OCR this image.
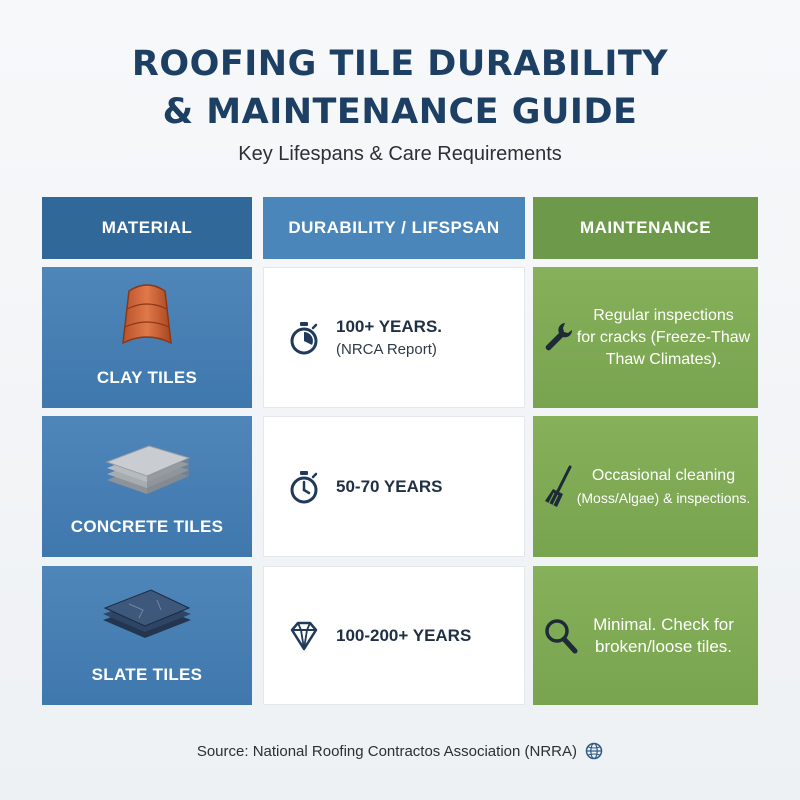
ROOFING TILE DURABILITY
& MAINTENANCE GUIDE
Key Lifespans & Care Requirements
MATERIAL	DURABILITY / LIFSPSAN	MAINTENANCE
CLAY TILES
100+ YEARS.
(NRCA Report)
Regular inspections
for cracks (Freeze-Thaw
Thaw Climates).
CONCRETE TILES
50-70 YEARS
Occasional cleaning
(Moss/Algae) & inspections.
SLATE TILES
100-200+ YEARS
Minimal. Check for
broken/loose tiles.
Source: National Roofing Contractos Association (NRRA)
